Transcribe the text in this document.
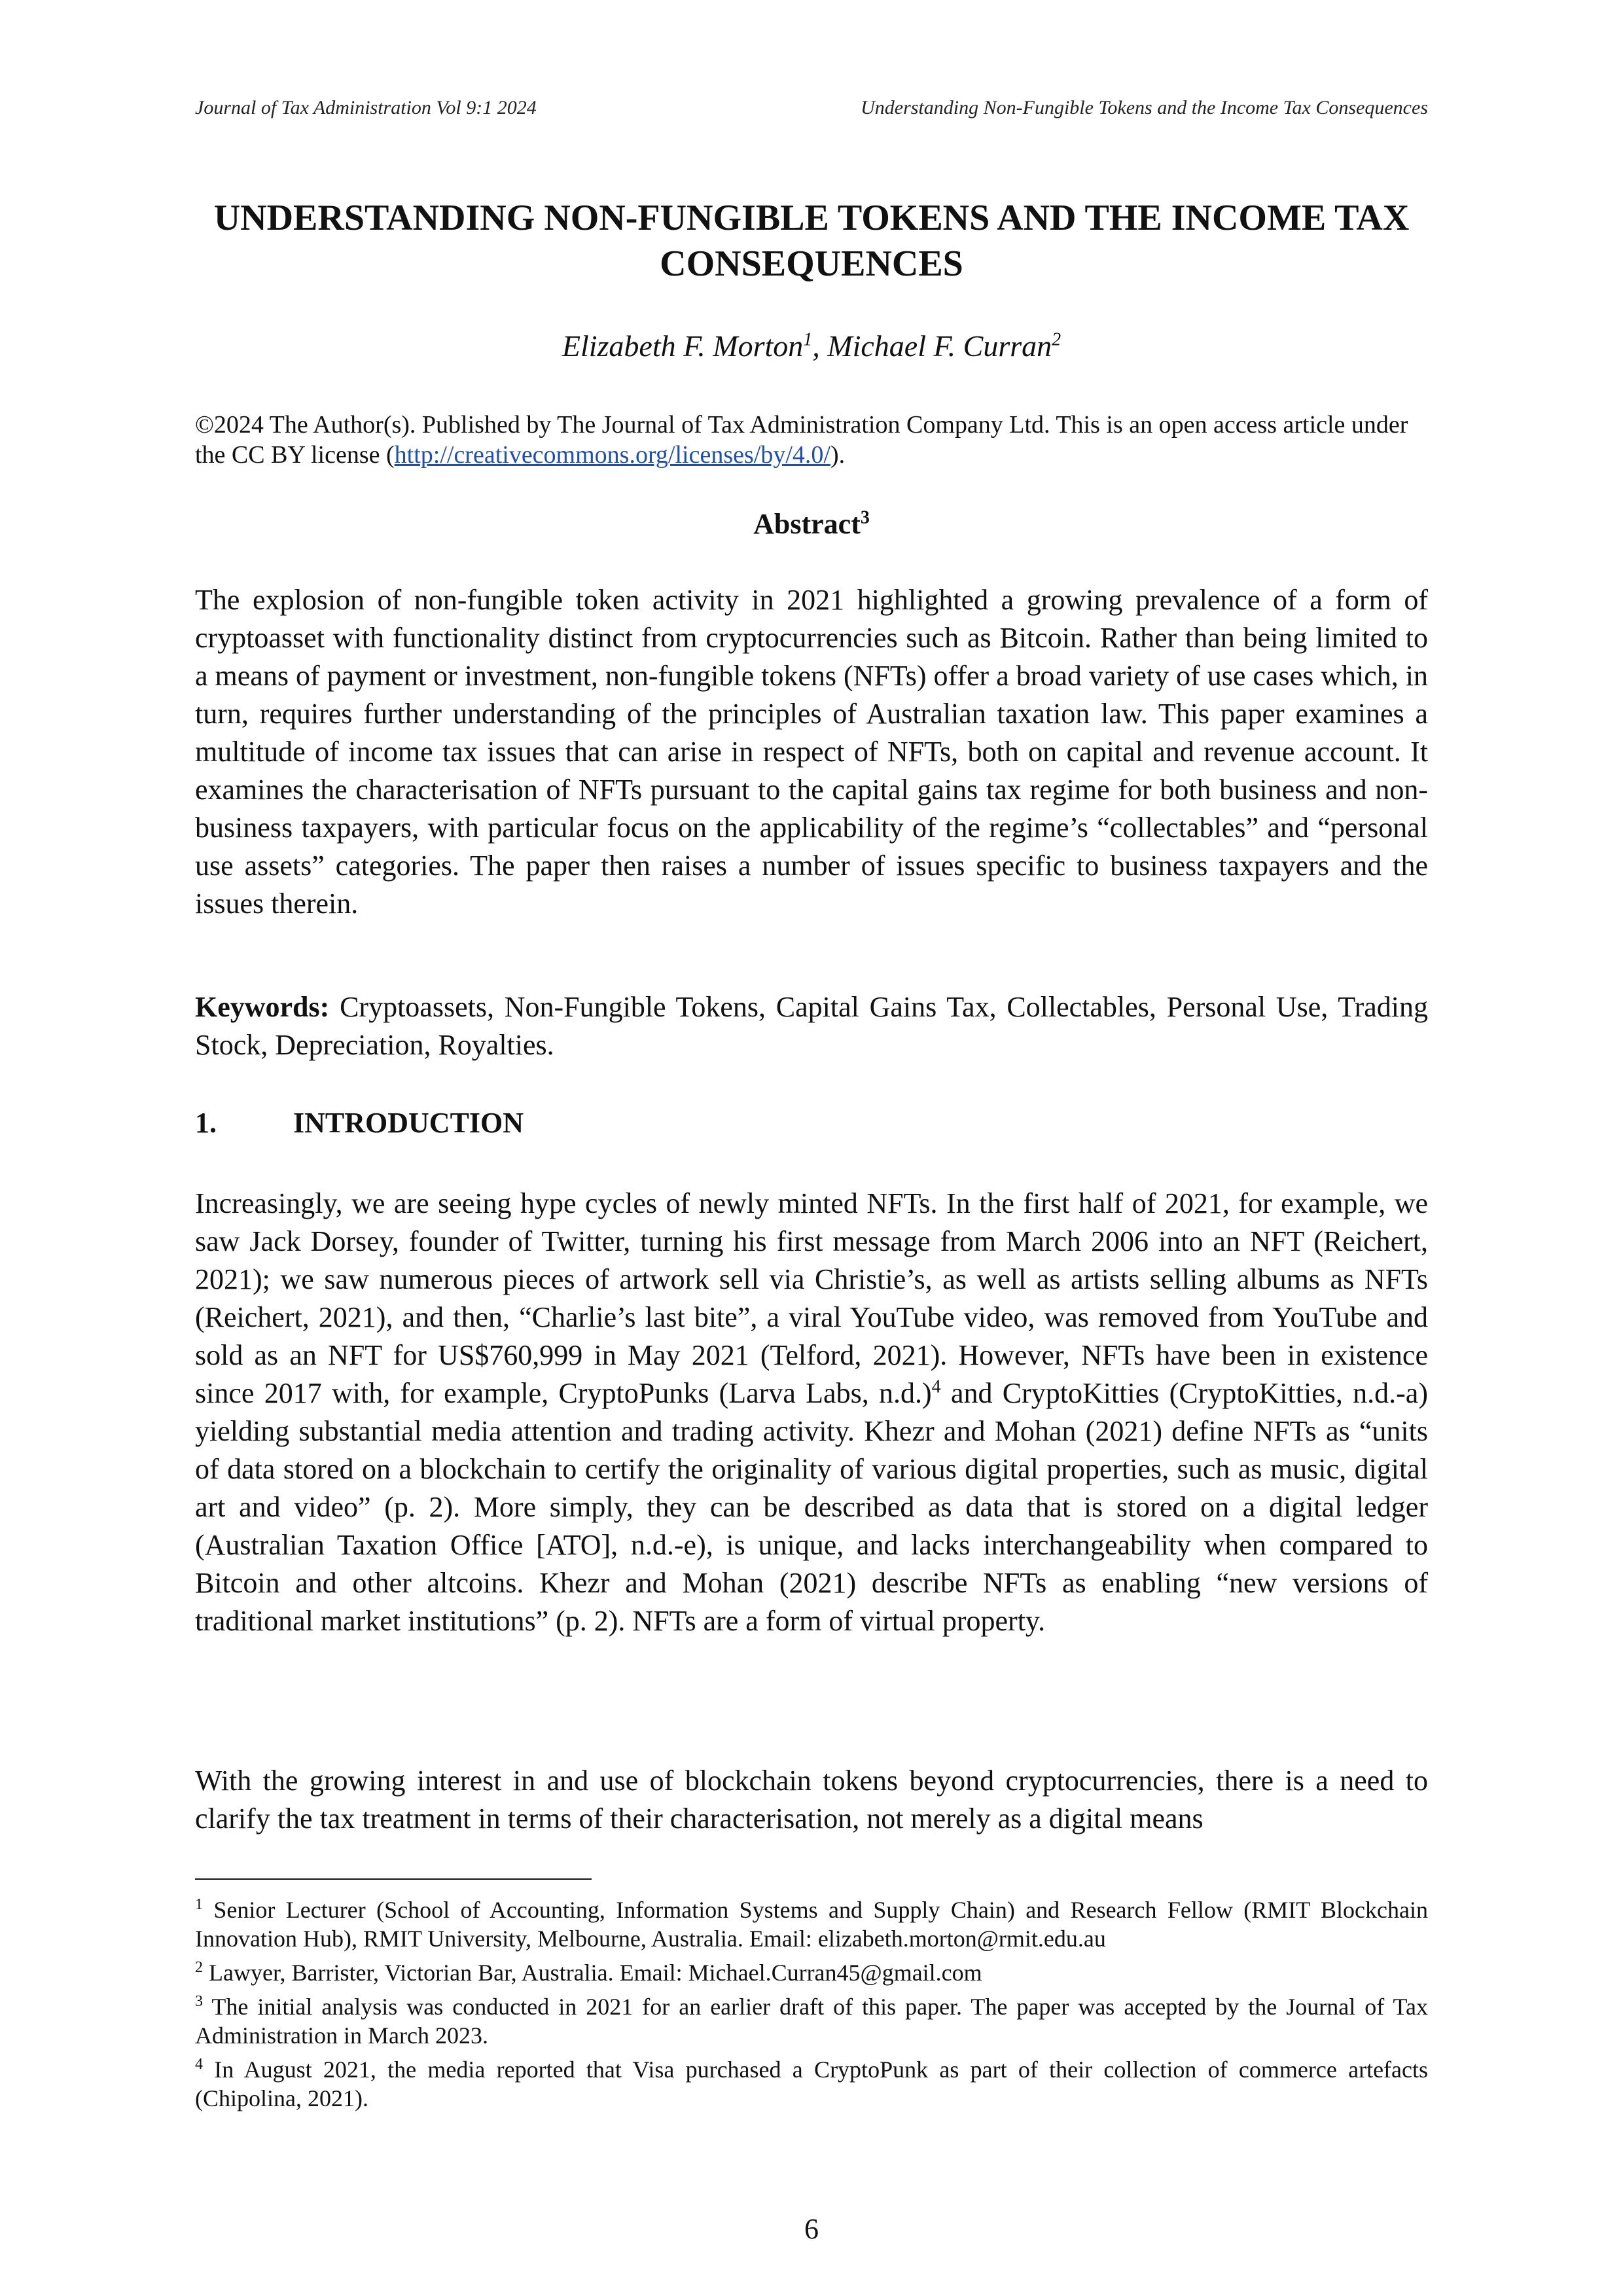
Journal of Tax Administration Vol 9:1 2024	Understanding Non-Fungible Tokens and the Income Tax Consequences
UNDERSTANDING NON-FUNGIBLE TOKENS AND THE INCOME TAX CONSEQUENCES
Elizabeth F. Morton$^1$, Michael F. Curran$^2$
©2024 The Author(s). Published by The Journal of Tax Administration Company Ltd. This is an open access article under the CC BY license (http://creativecommons.org/licenses/by/4.0/).
Abstract$^3$

The explosion of non-fungible token activity in 2021 highlighted a growing prevalence of a form of cryptoasset with functionality distinct from cryptocurrencies such as Bitcoin. Rather than being limited to a means of payment or investment, non-fungible tokens (NFTs) offer a broad variety of use cases which, in turn, requires further understanding of the principles of Australian taxation law. This paper examines a multitude of income tax issues that can arise in respect of NFTs, both on capital and revenue account. It examines the characterisation of NFTs pursuant to the capital gains tax regime for both business and non-business taxpayers, with particular focus on the applicability of the regime’s “collectables” and “personal use assets” categories. The paper then raises a number of issues specific to business taxpayers and the issues therein.

Keywords: Cryptoassets, Non-Fungible Tokens, Capital Gains Tax, Collectables, Personal Use, Trading Stock, Depreciation, Royalties.

1.	INTRODUCTION

Increasingly, we are seeing hype cycles of newly minted NFTs. In the first half of 2021, for example, we saw Jack Dorsey, founder of Twitter, turning his first message from March 2006 into an NFT (Reichert, 2021); we saw numerous pieces of artwork sell via Christie’s, as well as artists selling albums as NFTs (Reichert, 2021), and then, “Charlie’s last bite”, a viral YouTube video, was removed from YouTube and sold as an NFT for US$760,999 in May 2021 (Telford, 2021). However, NFTs have been in existence since 2017 with, for example, CryptoPunks (Larva Labs, n.d.)$^4$ and CryptoKitties (CryptoKitties, n.d.-a) yielding substantial media attention and trading activity. Khezr and Mohan (2021) define NFTs as “units of data stored on a blockchain to certify the originality of various digital properties, such as music, digital art and video” (p. 2). More simply, they can be described as data that is stored on a digital ledger (Australian Taxation Office [ATO], n.d.-e), is unique, and lacks interchangeability when compared to Bitcoin and other altcoins. Khezr and Mohan (2021) describe NFTs as enabling “new versions of traditional market institutions” (p. 2). NFTs are a form of virtual property.

With the growing interest in and use of blockchain tokens beyond cryptocurrencies, there is a need to clarify the tax treatment in terms of their characterisation, not merely as a digital means

$^1$ Senior Lecturer (School of Accounting, Information Systems and Supply Chain) and Research Fellow (RMIT Blockchain Innovation Hub), RMIT University, Melbourne, Australia. Email: elizabeth.morton@rmit.edu.au

$^2$ Lawyer, Barrister, Victorian Bar, Australia. Email: Michael.Curran45@gmail.com

$^3$ The initial analysis was conducted in 2021 for an earlier draft of this paper. The paper was accepted by the Journal of Tax Administration in March 2023.

$^4$ In August 2021, the media reported that Visa purchased a CryptoPunk as part of their collection of commerce artefacts (Chipolina, 2021).

6
